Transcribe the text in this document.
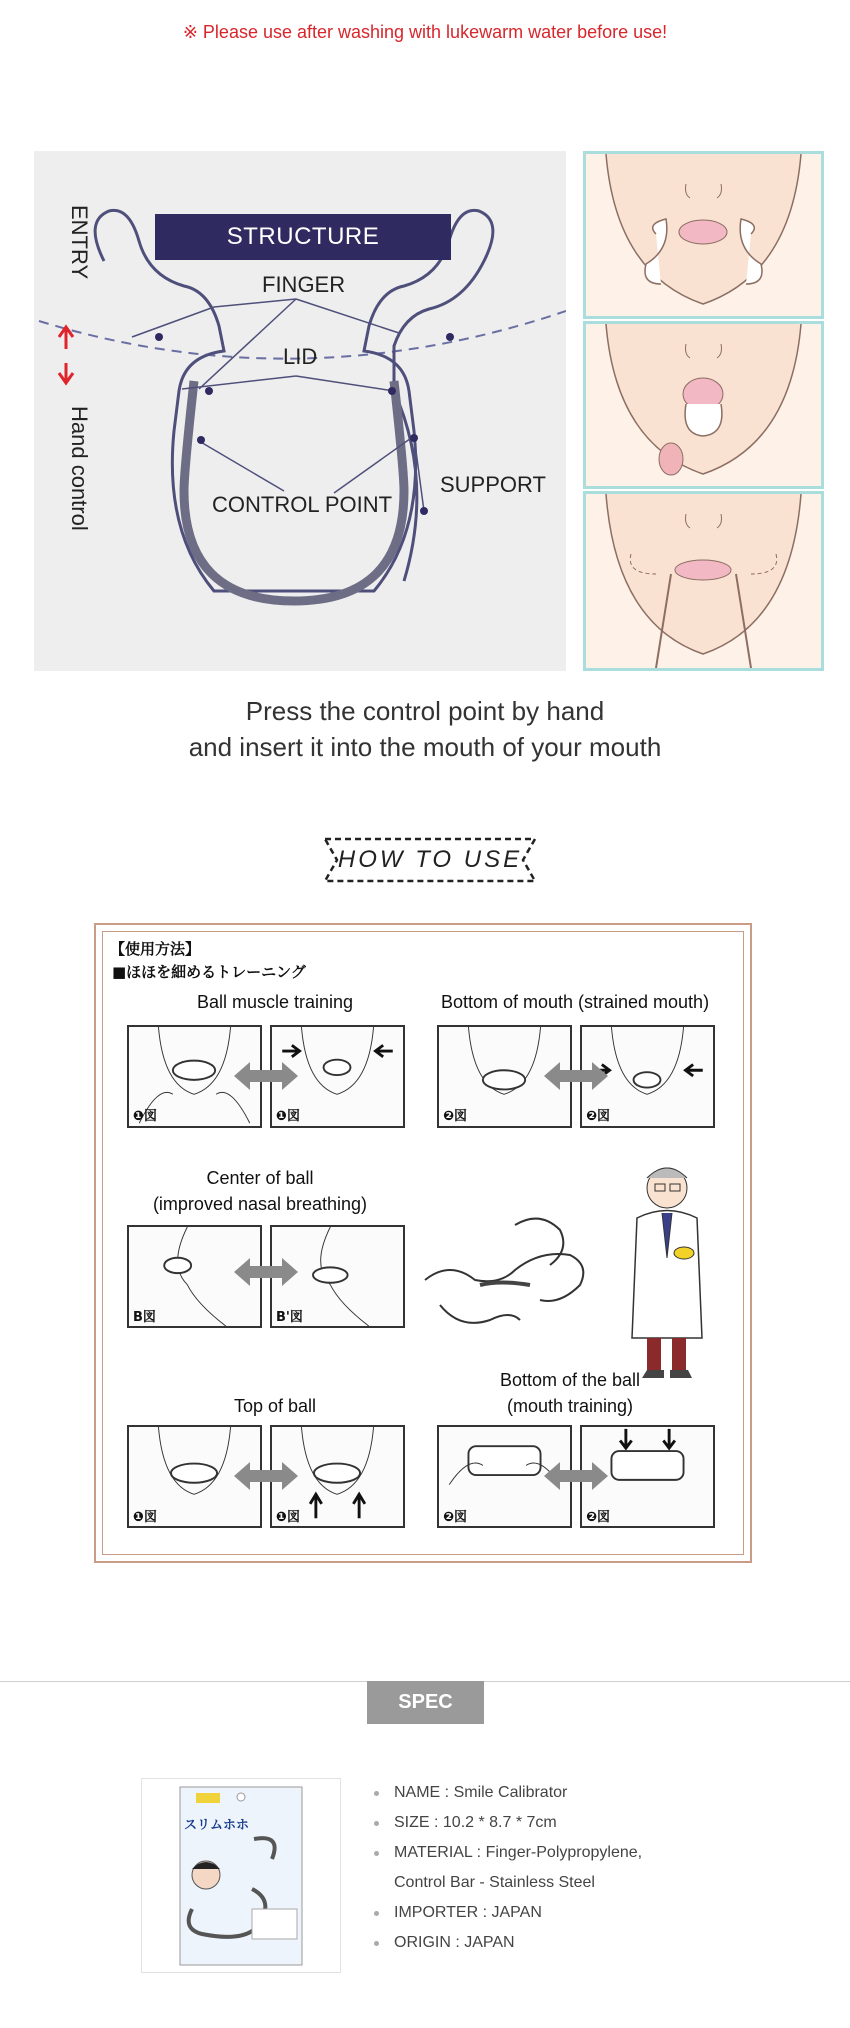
※ Please use after washing with lukewarm water before use!
STRUCTURE
FINGER
LID
CONTROL POINT
SUPPORT
ENTRY
Hand control
Press the control point by hand
and insert it into the mouth of your mouth
HOW TO USE
【使用方法】
■ほほを細めるトレーニング
Ball muscle training	Bottom of mouth (strained mouth)
❶図	❶図	❷図	❷図
Center of ball
(improved nasal breathing)
B図	B'図
Top of ball
Bottom of the ball
(mouth training)
❶図	❶図	❷図	❷図
SPEC
スリムホホ
NAME : Smile Calibrator
SIZE : 10.2 * 8.7 * 7cm
MATERIAL : Finger-Polypropylene,
Control Bar - Stainless Steel
IMPORTER : JAPAN
ORIGIN : JAPAN
